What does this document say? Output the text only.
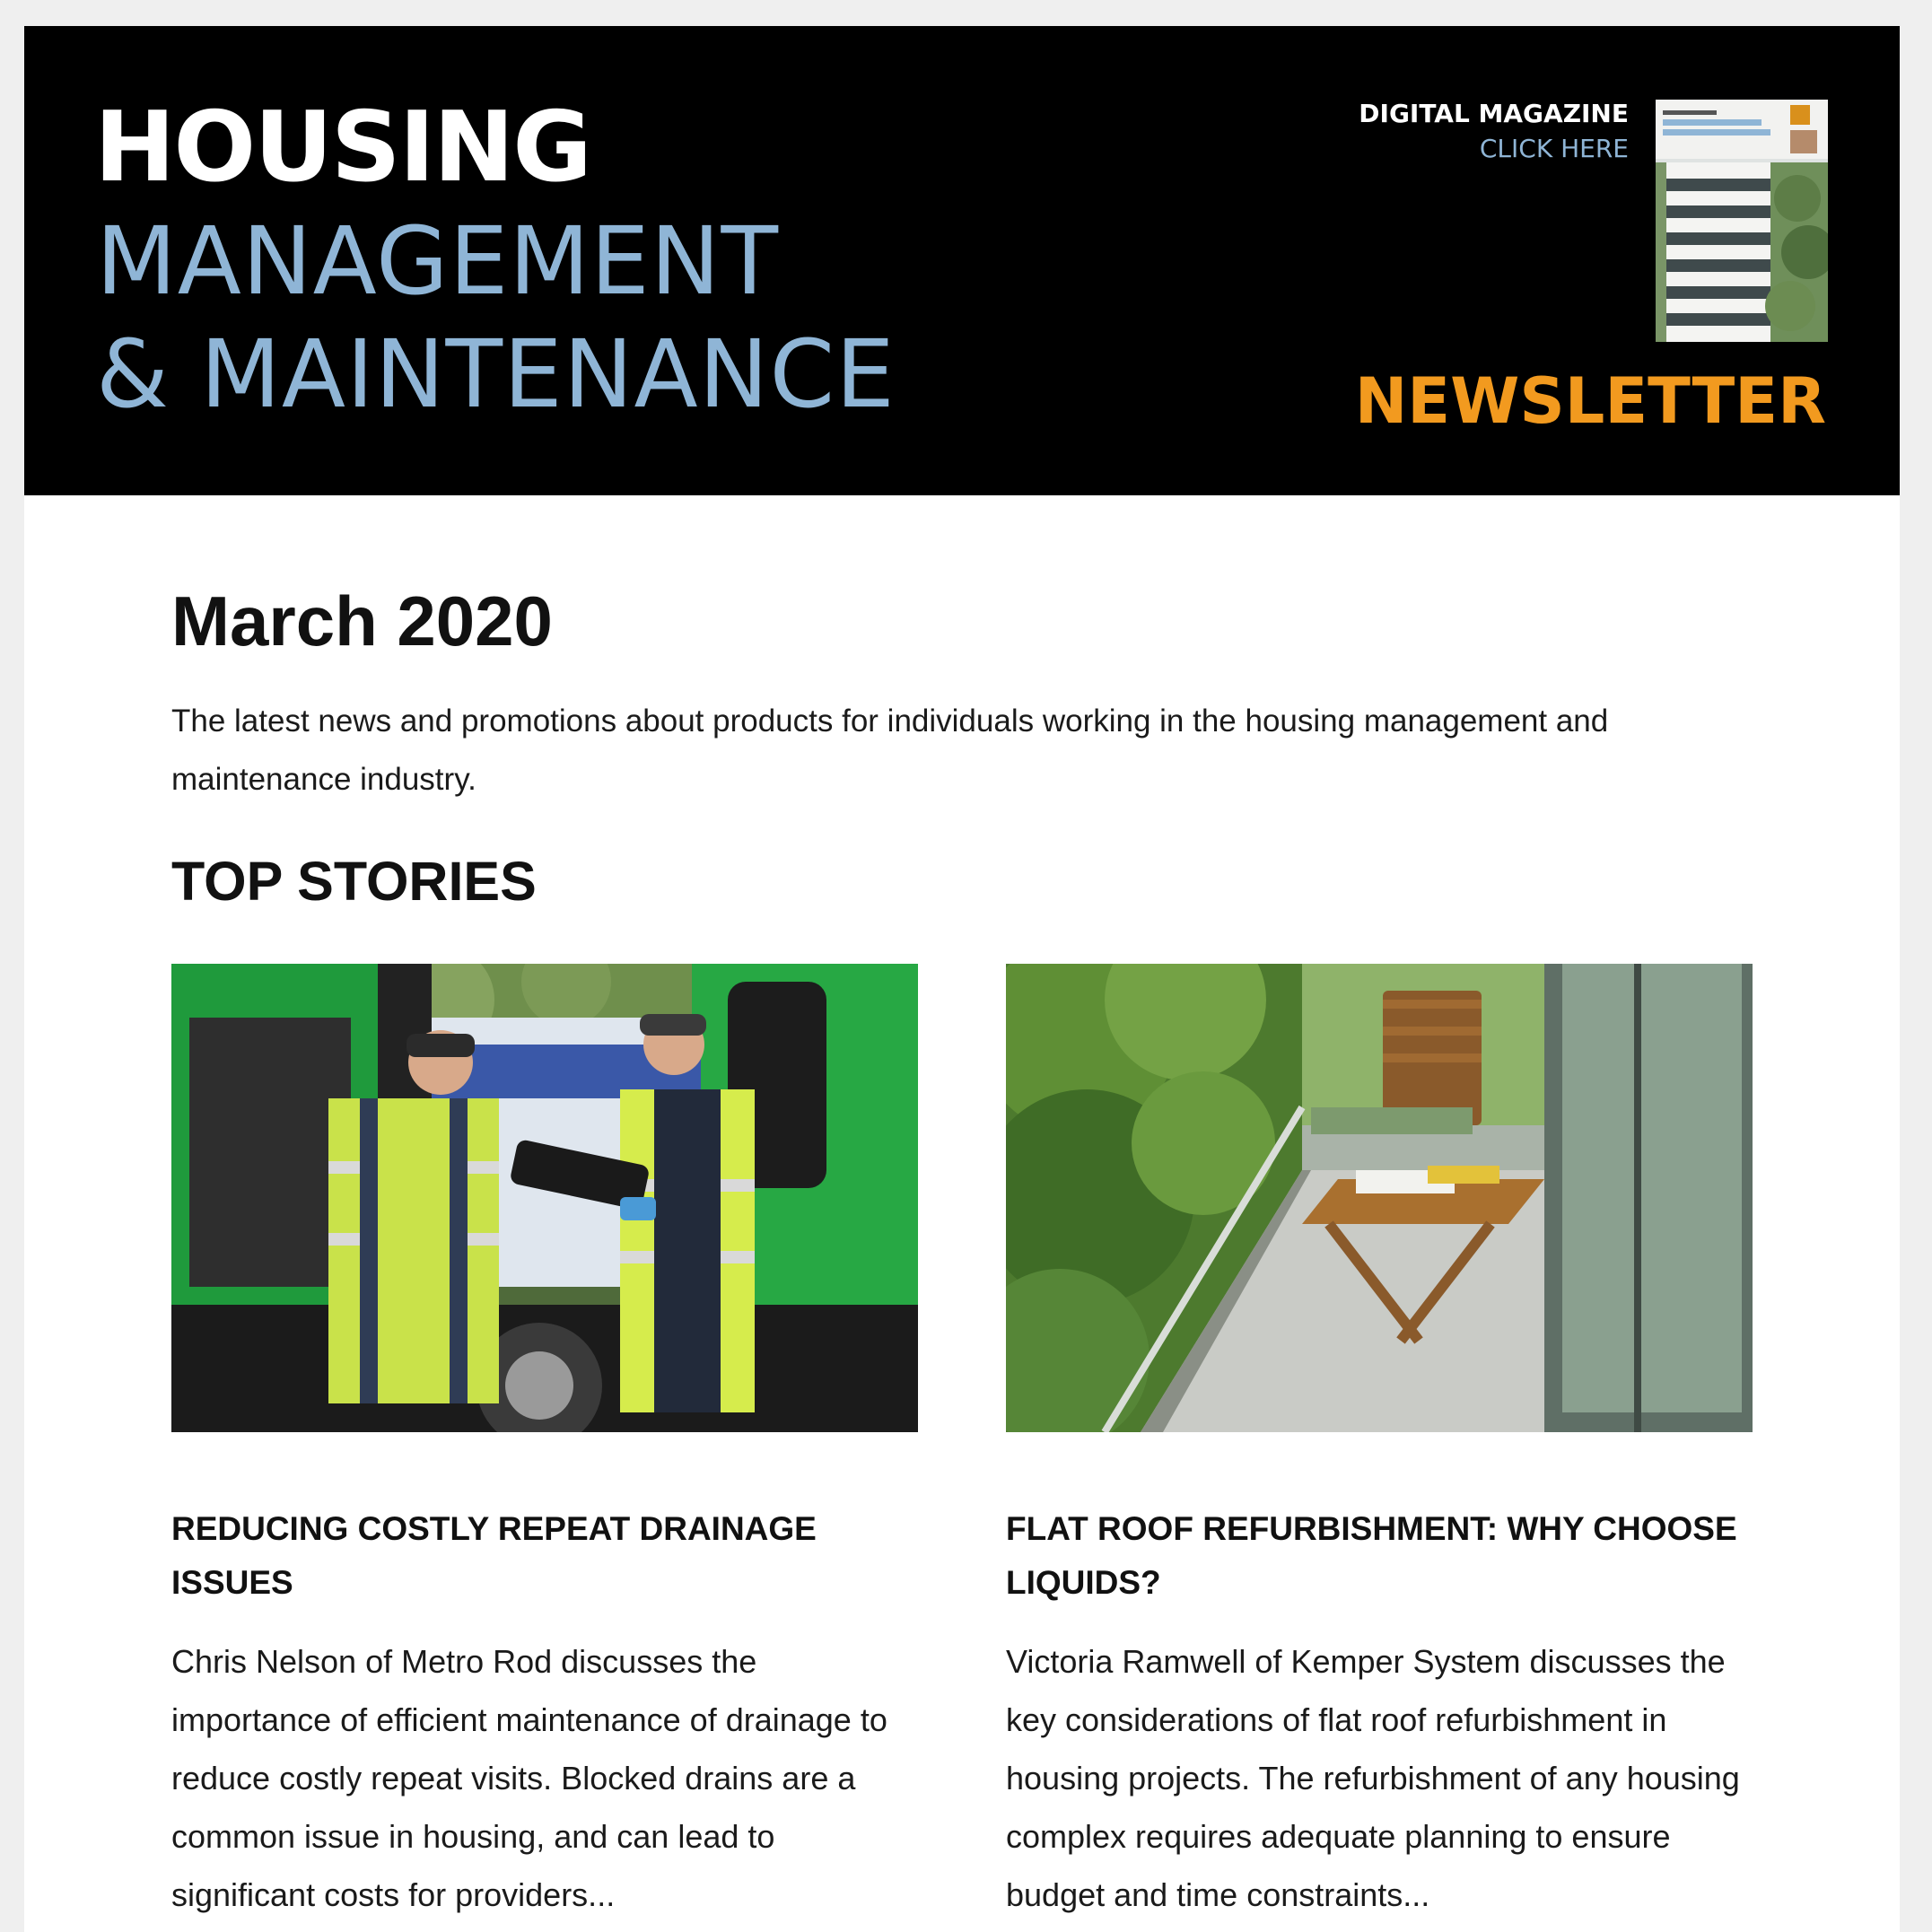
HOUSING
MANAGEMENT
& MAINTENANCE
DIGITAL MAGAZINE
CLICK HERE
NEWSLETTER
March 2020

The latest news and promotions about products for individuals working in the housing management and maintenance industry.

TOP STORIES
REDUCING COSTLY REPEAT DRAINAGE ISSUES

Chris Nelson of Metro Rod discusses the importance of efficient maintenance of drainage to reduce costly repeat visits. Blocked drains are a common issue in housing, and can lead to significant costs for providers...

FLAT ROOF REFURBISHMENT: WHY CHOOSE LIQUIDS?

Victoria Ramwell of Kemper System discusses the key considerations of flat roof refurbishment in housing projects. The refurbishment of any housing complex requires adequate planning to ensure budget and time constraints...
